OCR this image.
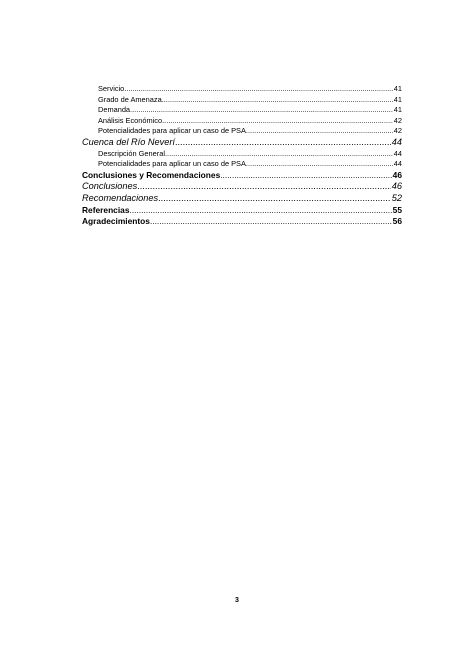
Servicio .....	41
Grado de Amenaza .....	41
Demanda .....	41
Análisis Económico .....	42
Potencialidades para aplicar un caso de PSA .....	42
Cuenca del Río Neverí .....	44
Descripción General .....	44
Potencialidades para aplicar un caso de PSA .....	44
Conclusiones y Recomendaciones .....	46
Conclusiones .....	46
Recomendaciones .....	52
Referencias .....	55
Agradecimientos .....	56
3
